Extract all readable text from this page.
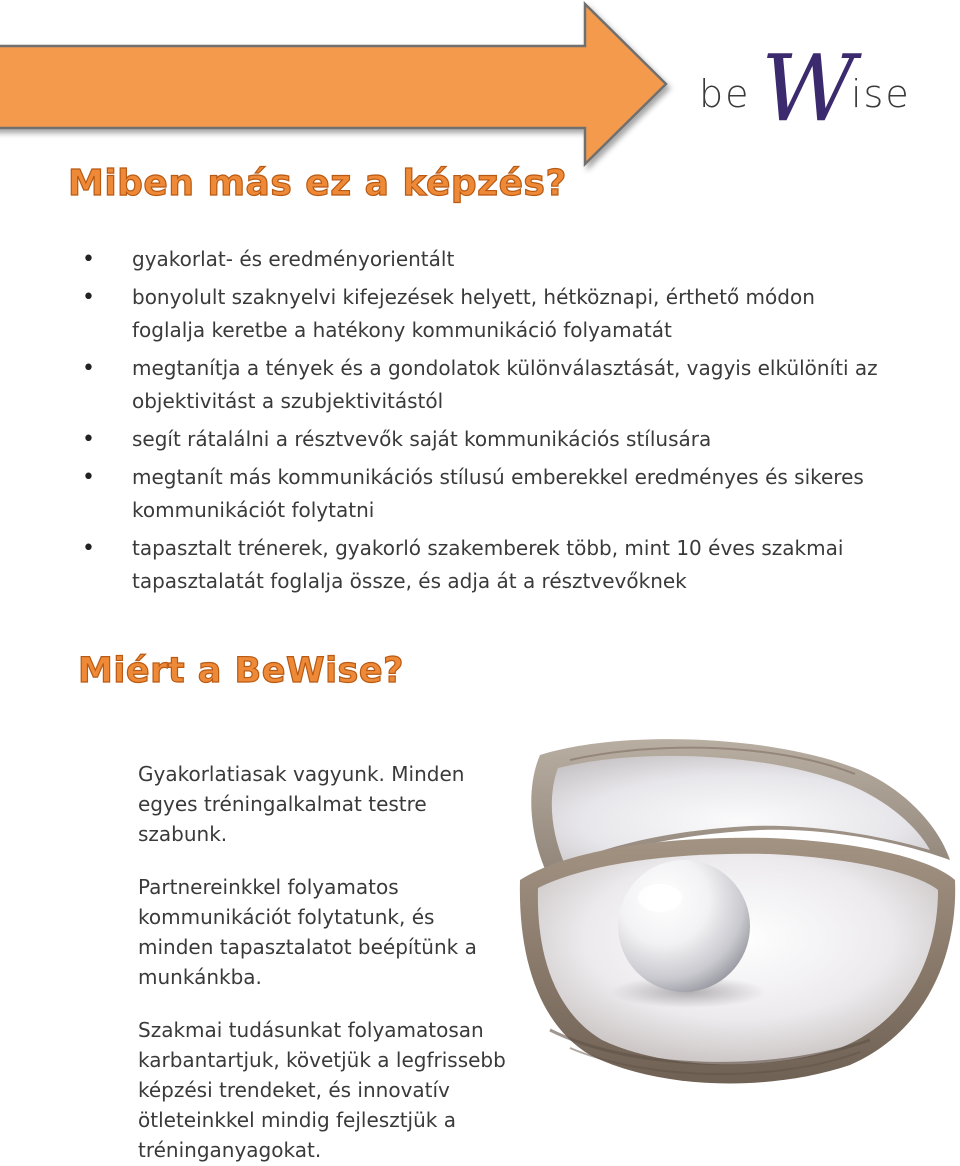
be W
ise
Miben más ez a képzés?
• gyakorlat- és eredményorientált
• bonyolult szaknyelvi kifejezések helyett, hétköznapi, érthető módon foglalja keretbe a hatékony kommunikáció folyamatát
• megtanítja a tények és a gondolatok különválasztását, vagyis elkülöníti az objektivitást a szubjektivitástól
• segít rátalálni a résztvevők saját kommunikációs stílusára
• megtanít más kommunikációs stílusú emberekkel eredményes és sikeres kommunikációt folytatni
• tapasztalt trénerek, gyakorló szakemberek több, mint 10 éves szakmai tapasztalatát foglalja össze, és adja át a résztvevőknek
Miért a BeWise?

Gyakorlatiasak vagyunk. Minden egyes tréningalkalmat testre szabunk.

Partnereinkkel folyamatos kommunikációt folytatunk, és minden tapasztalatot beépítünk a munkánkba.

Szakmai tudásunkat folyamatosan karbantartjuk, követjük a legfrissebb képzési trendeket, és innovatív ötleteinkkel mindig fejlesztjük a tréninganyagokat.
